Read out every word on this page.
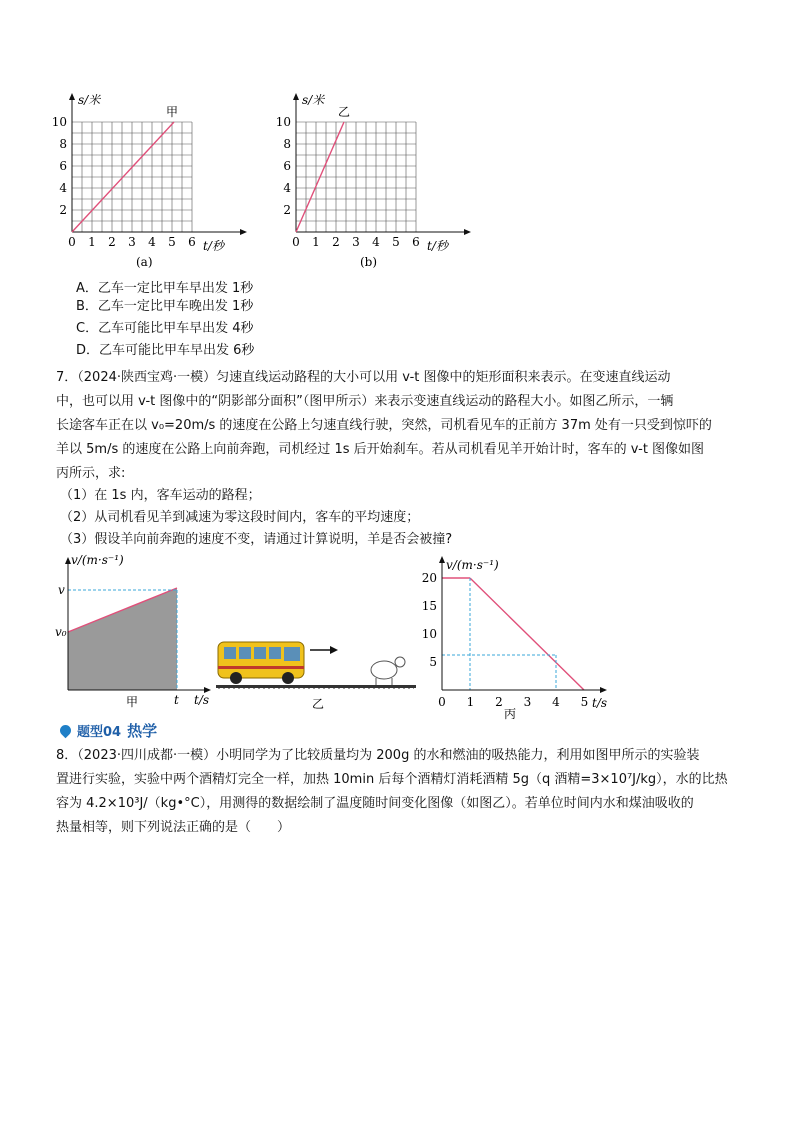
s/米
甲
t/秒
2
4
6
8
10
0 1 2 3 4 5 6
(a)
s/米
乙
t/秒
2
4
6
8
10
0 1 2 3 4 5 6
(b)
A．乙车一定比甲车早出发 1秒
B．乙车一定比甲车晚出发 1秒
C．乙车可能比甲车早出发 4秒
D．乙车可能比甲车早出发 6秒

7．（2024·陕西宝鸡·一模）匀速直线运动路程的大小可以用 v-t 图像中的矩形面积来表示。在变速直线运动

中，也可以用 v-t 图像中的“阴影部分面积”（图甲所示）来表示变速直线运动的路程大小。如图乙所示，一辆

长途客车正在以 v₀=20m/s 的速度在公路上匀速直线行驶，突然，司机看见车的正前方 37m 处有一只受到惊吓的

羊以 5m/s 的速度在公路上向前奔跑，司机经过 1s 后开始刹车。若从司机看见羊开始计时，客车的 v-t 图像如图

丙所示，求:

（1）在 1s 内，客车运动的路程；
（2）从司机看见羊到减速为零这段时间内，客车的平均速度；
（3）假设羊向前奔跑的速度不变，请通过计算说明，羊是否会被撞?
v/(m·s⁻¹)
v
v₀
t t/s
甲	乙
5
10
15
20
0 1 2 3 4 5
v/(m·s⁻¹)
t/s
丙
题型04 热学

8．（2023·四川成都·一模）小明同学为了比较质量均为 200g 的水和燃油的吸热能力，利用如图甲所示的实验装

置进行实验，实验中两个酒精灯完全一样，加热 10min 后每个酒精灯消耗酒精 5g（q 酒精=3×10⁷J/kg），水的比热

容为 4.2×10³J/（kg•°C），用测得的数据绘制了温度随时间变化图像（如图乙）。若单位时间内水和煤油吸收的

热量相等，则下列说法正确的是（　　）
